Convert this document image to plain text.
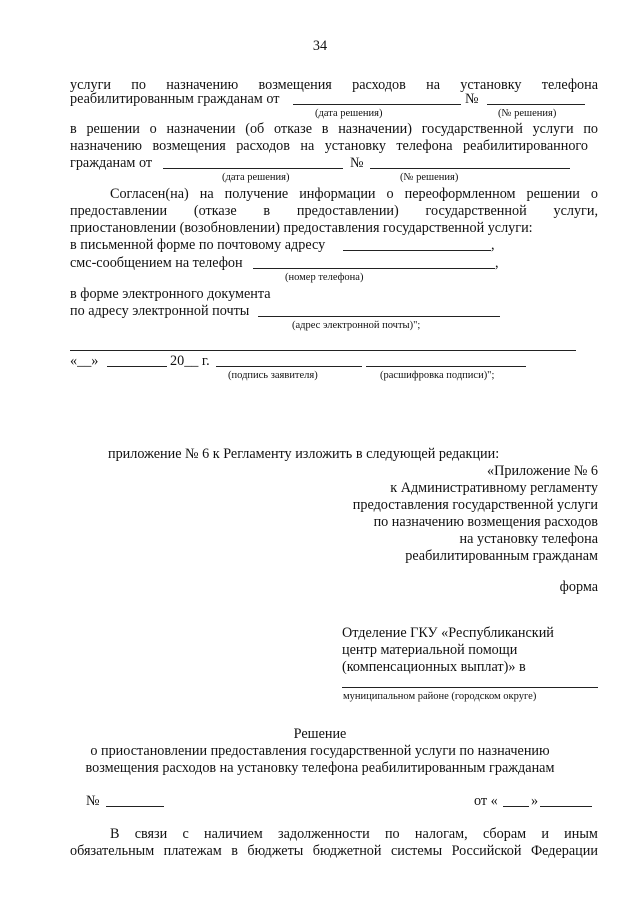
34
услуги по назначению возмещения расходов на установку телефона
реабилитированным гражданам от	№
(дата решения)	(№ решения)
в решении о назначении (об отказе в назначении) государственной услуги по
назначению возмещения расходов на установку телефона реабилитированного
гражданам от	№
(дата решения)	(№ решения)
Согласен(на) на получение информации о переоформленном решении о
предоставлении (отказе в предоставлении) государственной услуги,
приостановлении (возобновлении) предоставления государственной услуги:
в письменной форме по почтовому адресу	,
смс-сообщением на телефон	,
(номер телефона)
в форме электронного документа
по адресу электронной почты
(адрес электронной почты)";
«__»	20__ г.
(подпись заявителя)	(расшифровка подписи)";
приложение № 6 к Регламенту изложить в следующей редакции:
«Приложение № 6
к Административному регламенту
предоставления государственной услуги
по назначению возмещения расходов
на установку телефона
реабилитированным гражданам
форма
Отделение ГКУ «Республиканский
центр материальной помощи
(компенсационных выплат)» в
муниципальном районе (городском округе)
Решение
о приостановлении предоставления государственной услуги по назначению
возмещения расходов на установку телефона реабилитированным гражданам
№	от « »
В связи с наличием задолженности по налогам, сборам и иным
обязательным платежам в бюджеты бюджетной системы Российской Федерации
